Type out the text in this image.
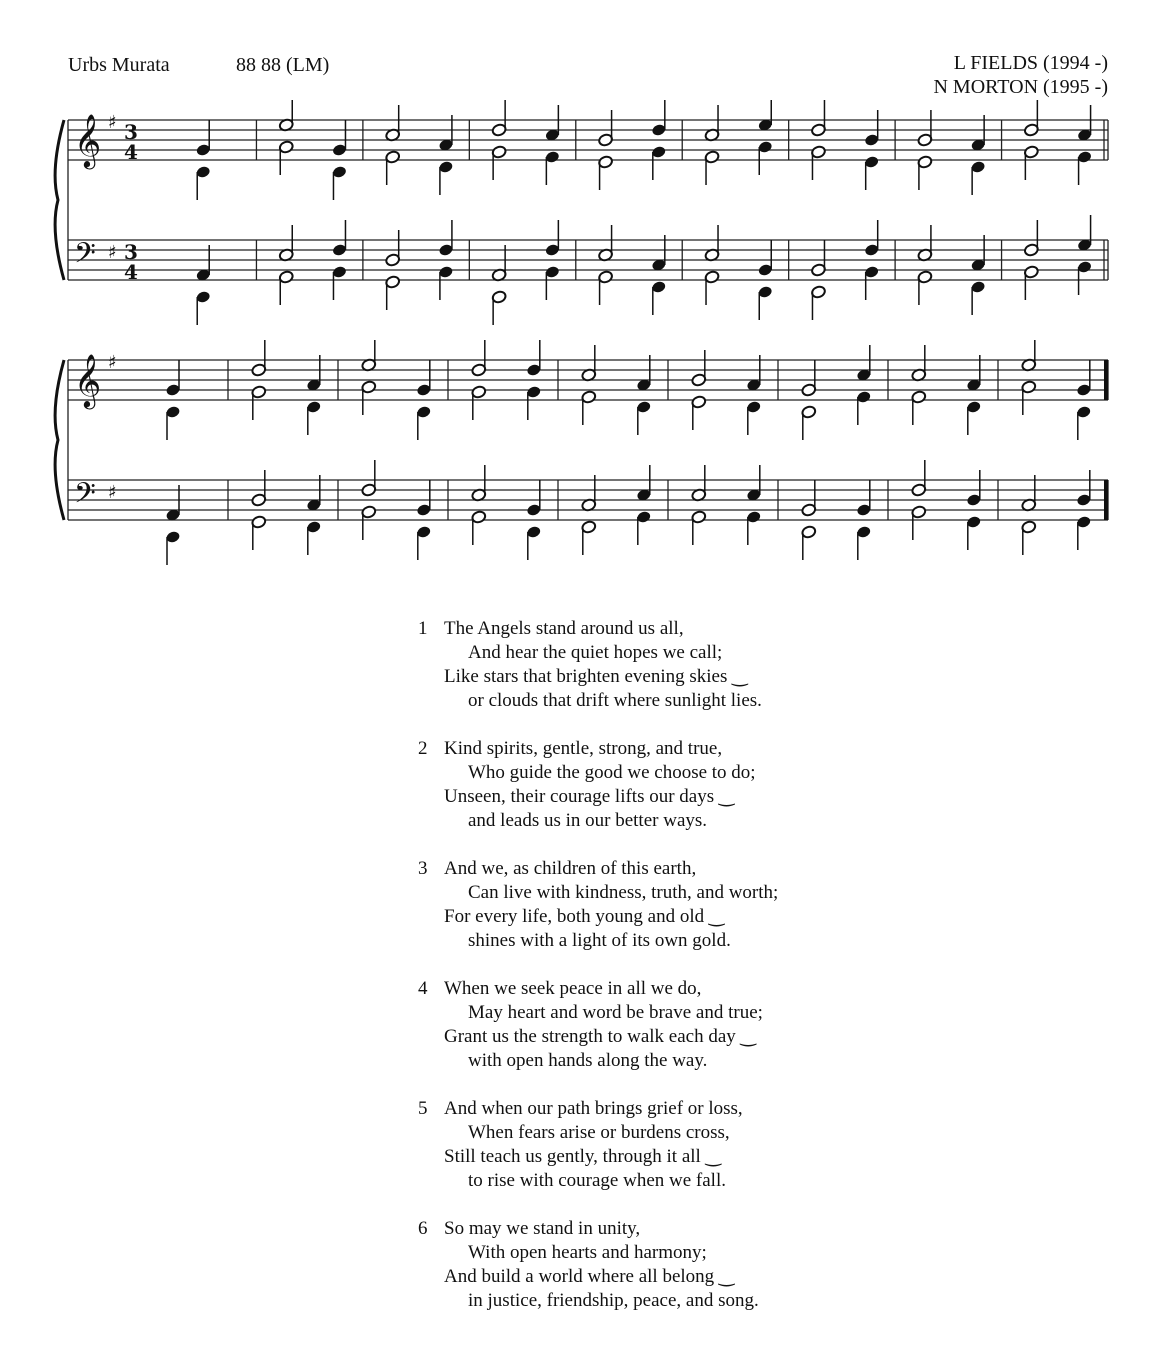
Urbs Murata	88 88 (LM)	L FIELDS (1994 -)
N MORTON (1995 -)
𝄞 ♯ 3
4
𝄢 ♯ 3
4
𝄞 ♯
𝄢 ♯
1 The Angels stand around us all,
And hear the quiet hopes we call;
Like stars that brighten evening skies ‿
or clouds that drift where sunlight lies.
2 Kind spirits, gentle, strong, and true,
Who guide the good we choose to do;
Unseen, their courage lifts our days ‿
and leads us in our better ways.
3 And we, as children of this earth,
Can live with kindness, truth, and worth;
For every life, both young and old ‿
shines with a light of its own gold.
4 When we seek peace in all we do,
May heart and word be brave and true;
Grant us the strength to walk each day ‿
with open hands along the way.
5 And when our path brings grief or loss,
When fears arise or burdens cross,
Still teach us gently, through it all ‿
to rise with courage when we fall.
6 So may we stand in unity,
With open hearts and harmony;
And build a world where all belong ‿
in justice, friendship, peace, and song.
